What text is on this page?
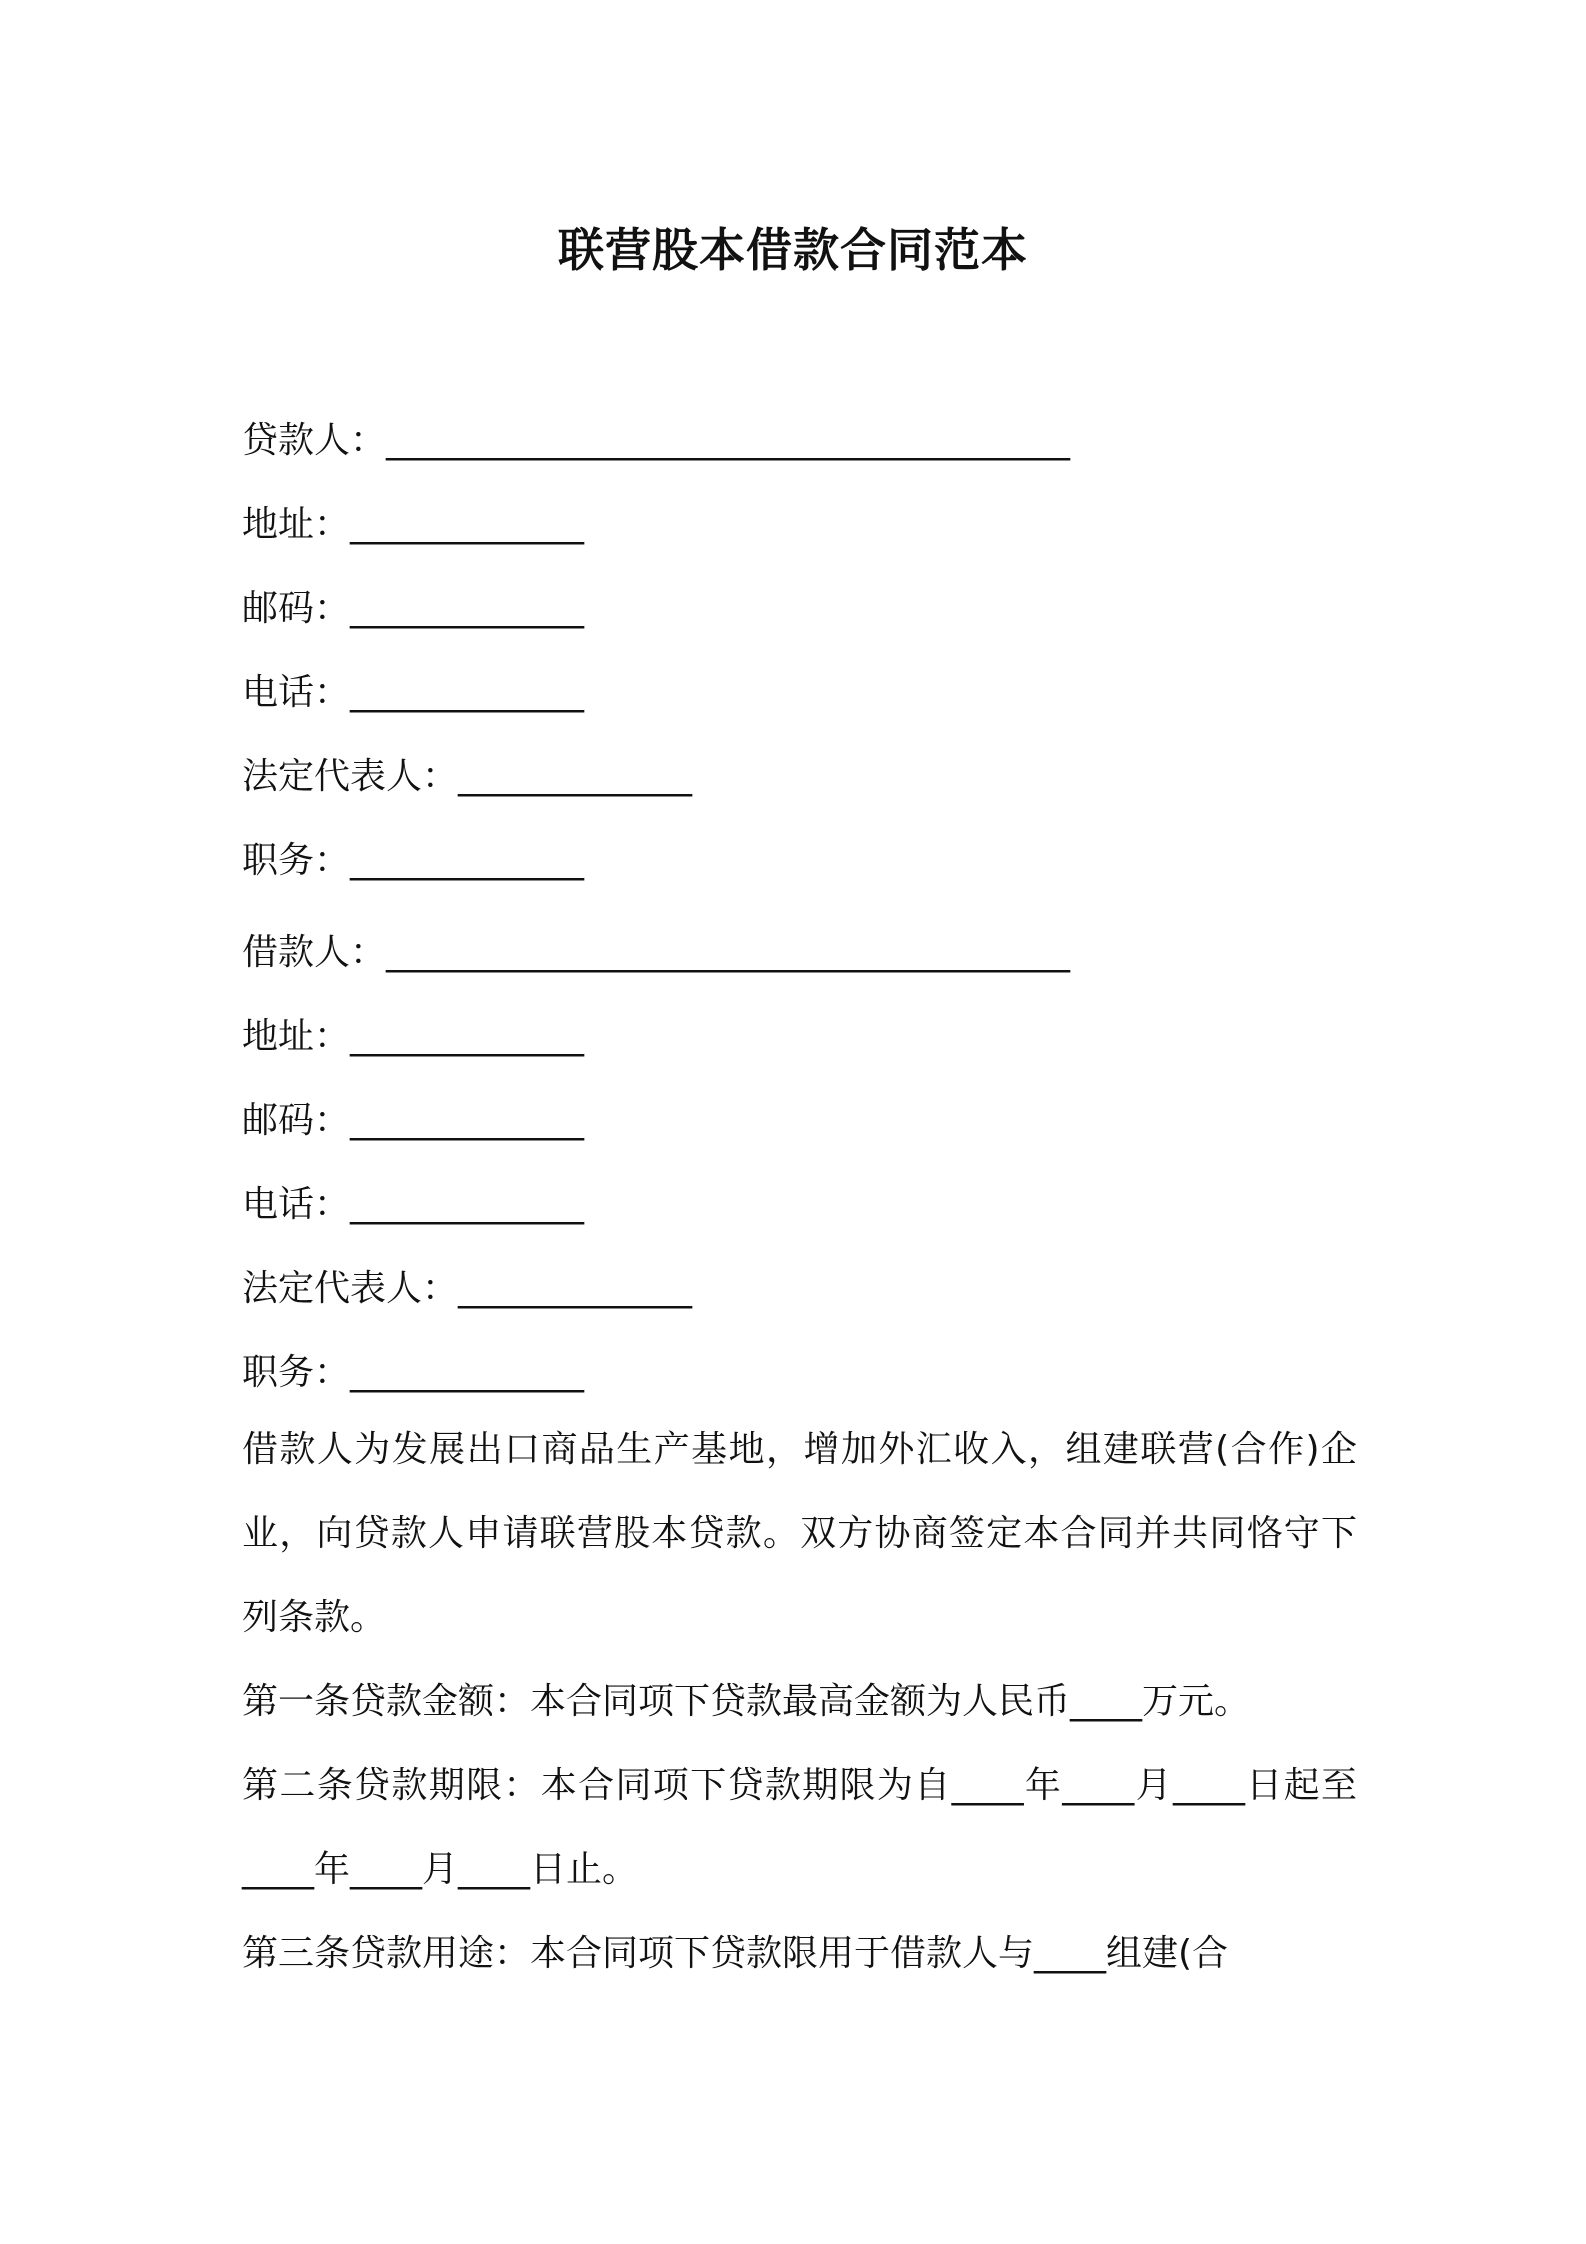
联营股本借款合同范本
贷款人：______________________________________
地址：_____________
邮码：_____________
电话：_____________
法定代表人：_____________
职务：_____________
借款人：______________________________________
地址：_____________
邮码：_____________
电话：_____________
法定代表人：_____________
职务：_____________

借款人为发展出口商品生产基地，增加外汇收入，组建联营(合作)企业，向贷款人申请联营股本贷款。双方协商签定本合同并共同恪守下列条款。

第一条贷款金额：本合同项下贷款最高金额为人民币____万元。

第二条贷款期限：本合同项下贷款期限为自____年____月____日起至____年____月____日止。

第三条贷款用途：本合同项下贷款限用于借款人与____组建(合
